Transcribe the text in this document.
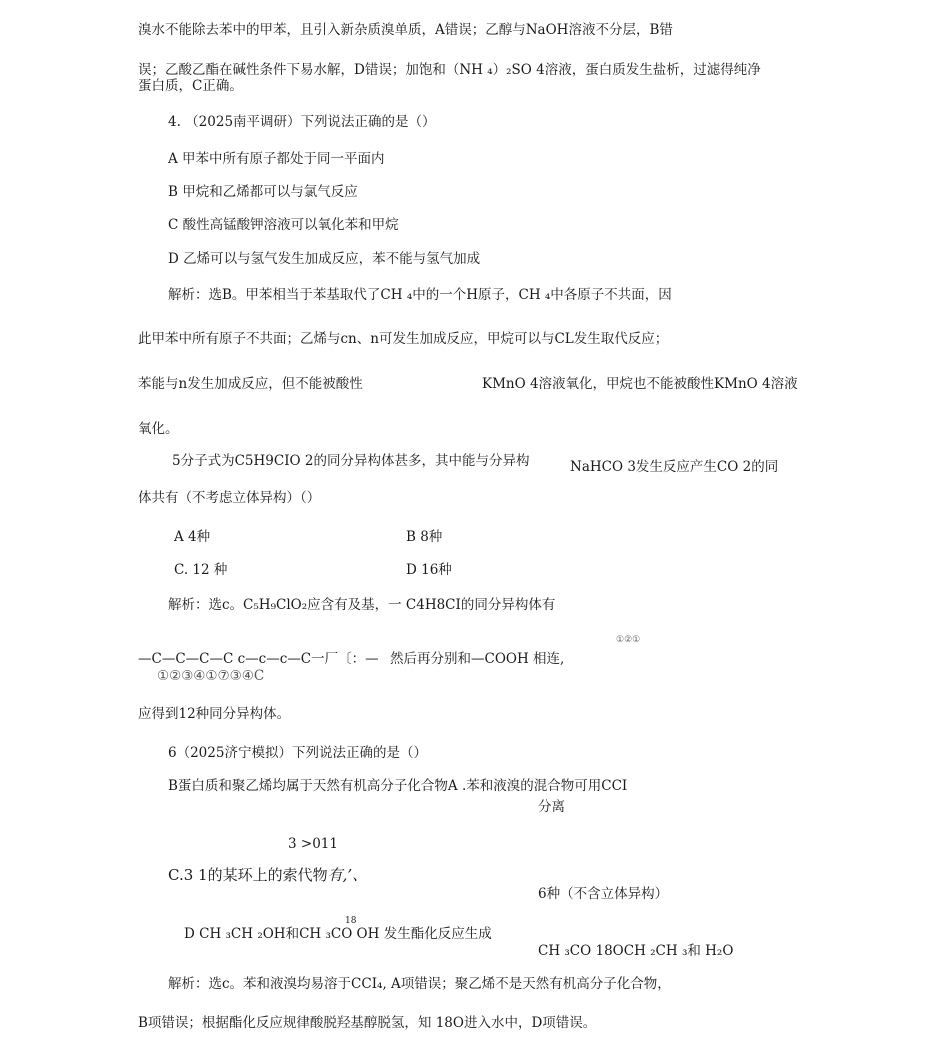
溴水不能除去苯中的甲苯，且引入新杂质溴单质，A错误；乙醇与NaOH溶液不分层，B错
误；乙酸乙酯在碱性条件下易水解，D错误；加饱和（NH ₄）₂SO 4溶液，蛋白质发生盐析，过滤得纯净
蛋白质，C正确。
4. （2025南平调研）下列说法正确的是（）
A 甲苯中所有原子都处于同一平面内
B 甲烷和乙烯都可以与氯气反应
C 酸性高锰酸钾溶液可以氧化苯和甲烷
D 乙烯可以与氢气发生加成反应，苯不能与氢气加成
解析：选B。甲苯相当于苯基取代了CH ₄中的一个H原子，CH ₄中各原子不共面，因
此甲苯中所有原子不共面；乙烯与cn、n可发生加成反应，甲烷可以与CL发生取代反应；
苯能与n发生加成反应，但不能被酸性	KMnO 4溶液氧化，甲烷也不能被酸性KMnO 4溶液
氧化。
5分子式为C5H9CIO 2的同分异构体甚多，其中能与分异构	NaHCO 3发生反应产生CO 2的同
体共有（不考虑立体异构）（）
A 4种	B 8种
C. 12 种	D 16种
解析：选c。C₅H₉ClO₂应含有及基，一 C4H8CI的同分异构体有
①②①
—C—C—C—C c—c—c—C一厂〔：— 然后再分别和—COOH 相连,
①②③④①⑦③④C
应得到12种同分异构体。
6（2025济宁模拟）下列说法正确的是（）
B蛋白质和聚乙烯均属于天然有机高分子化合物A .苯和液溴的混合物可用CCI
分离
3 >011
C.3 1的某环上的索代物有,’、
6种（不含立体异构）
18
D CH ₃CH ₂OH和CH ₃CO OH 发生酯化反应生成
CH ₃CO 18OCH ₂CH ₃和 H₂O
解析：选c。苯和液溴均易溶于CCI₄, A项错误；聚乙烯不是天然有机高分子化合物，
B项错误；根据酯化反应规律酸脱羟基醇脱氢，知 18O进入水中，D项错误。
